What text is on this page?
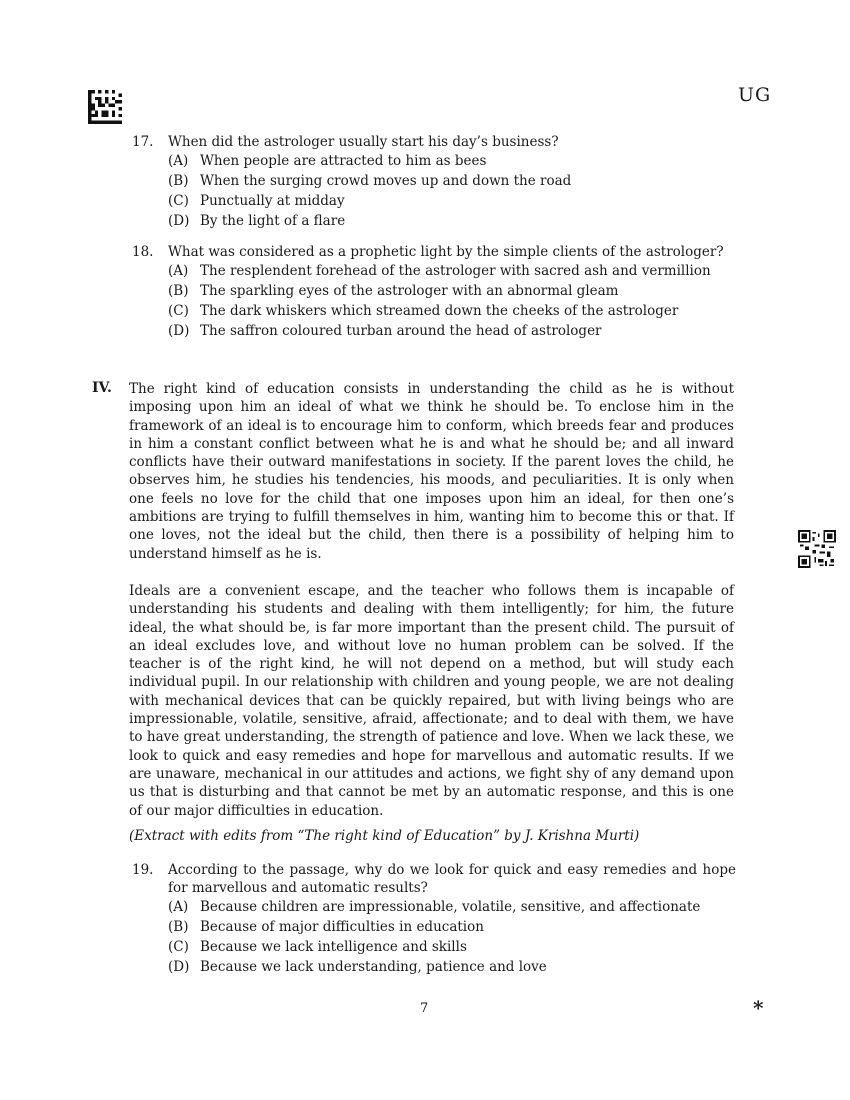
UG
17.	When did the astrologer usually start his day’s business?
(A) When people are attracted to him as bees
(B) When the surging crowd moves up and down the road
(C) Punctually at midday
(D) By the light of a flare
18.	What was considered as a prophetic light by the simple clients of the astrologer?
(A) The resplendent forehead of the astrologer with sacred ash and vermillion
(B) The sparkling eyes of the astrologer with an abnormal gleam
(C) The dark whiskers which streamed down the cheeks of the astrologer
(D) The saffron coloured turban around the head of astrologer
IV. The right kind of education consists in understanding the child as he is without imposing upon him an ideal of what we think he should be. To enclose him in the framework of an ideal is to encourage him to conform, which breeds fear and produces in him a constant conflict between what he is and what he should be; and all inward conflicts have their outward manifestations in society. If the parent loves the child, he observes him, he studies his tendencies, his moods, and peculiarities. It is only when one feels no love for the child that one imposes upon him an ideal, for then one’s ambitions are trying to fulfill themselves in him, wanting him to become this or that. If one loves, not the ideal but the child, then there is a possibility of helping him to understand himself as he is.
Ideals are a convenient escape, and the teacher who follows them is incapable of understanding his students and dealing with them intelligently; for him, the future ideal, the what should be, is far more important than the present child. The pursuit of an ideal excludes love, and without love no human problem can be solved. If the teacher is of the right kind, he will not depend on a method, but will study each individual pupil. In our relationship with children and young people, we are not dealing with mechanical devices that can be quickly repaired, but with living beings who are impressionable, volatile, sensitive, afraid, affectionate; and to deal with them, we have to have great understanding, the strength of patience and love. When we lack these, we look to quick and easy remedies and hope for marvellous and automatic results. If we are unaware, mechanical in our attitudes and actions, we fight shy of any demand upon us that is disturbing and that cannot be met by an automatic response, and this is one of our major difficulties in education.
(Extract with edits from “The right kind of Education” by J. Krishna Murti)
19.	According to the passage, why do we look for quick and easy remedies and hope for marvellous and automatic results?
(A) Because children are impressionable, volatile, sensitive, and affectionate
(B) Because of major difficulties in education
(C) Because we lack intelligence and skills
(D) Because we lack understanding, patience and love
7	*
